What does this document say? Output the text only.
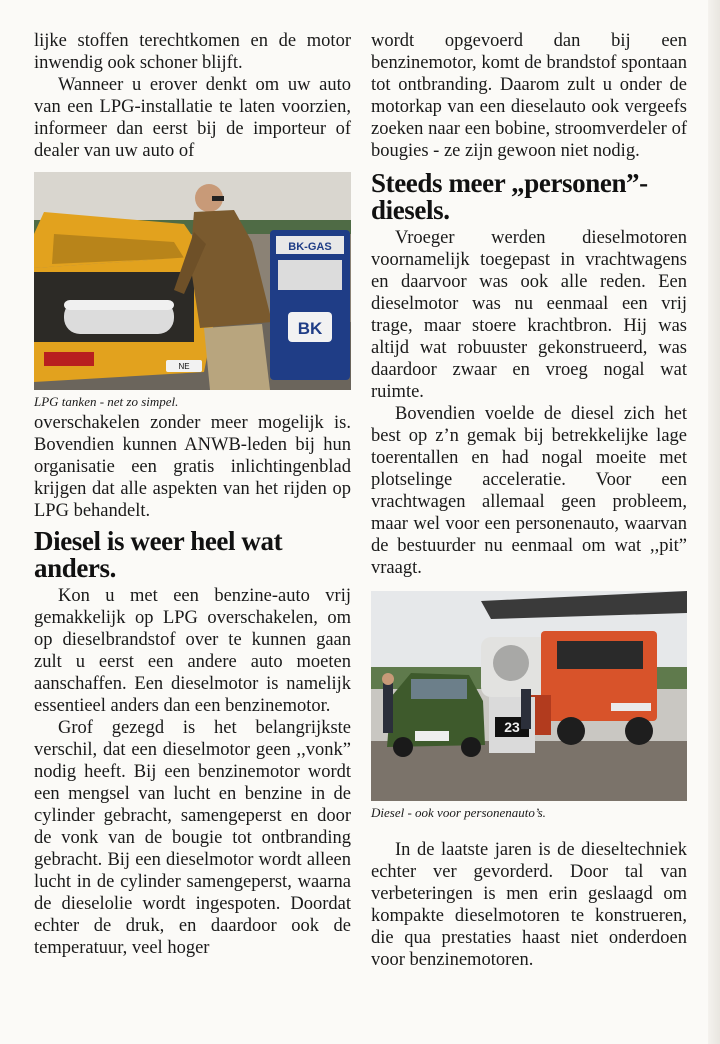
lijke stoffen terechtkomen en de motor inwendig ook schoner blijft.

Wanneer u erover denkt om uw auto van een LPG-installatie te laten voorzien, informeer dan eerst bij de importeur of dealer van uw auto of

NE
BK-GAS
BK
LPG tanken - net zo simpel.

overschakelen zonder meer mogelijk is. Bovendien kunnen ANWB-leden bij hun organisatie een gratis inlichtingenblad krijgen dat alle aspekten van het rijden op LPG behandelt.

Diesel is weer heel wat anders.

Kon u met een benzine-auto vrij gemakkelijk op LPG overschakelen, om op dieselbrandstof over te kunnen gaan zult u eerst een andere auto moeten aanschaffen. Een dieselmotor is namelijk essentieel anders dan een benzinemotor.

Grof gezegd is het belangrijkste verschil, dat een dieselmotor geen ,,vonk” nodig heeft. Bij een benzinemotor wordt een mengsel van lucht en benzine in de cylinder gebracht, samengeperst en door de vonk van de bougie tot ontbranding gebracht. Bij een dieselmotor wordt alleen lucht in de cylinder samengeperst, waarna de dieselolie wordt ingespoten. Doordat echter de druk, en daardoor ook de temperatuur, veel hoger

wordt opgevoerd dan bij een benzinemotor, komt de brandstof spontaan tot ontbranding. Daarom zult u onder de motorkap van een dieselauto ook vergeefs zoeken naar een bobine, stroomverdeler of bougies - ze zijn gewoon niet nodig.

Steeds meer „personen”-diesels.

Vroeger werden dieselmotoren voornamelijk toegepast in vrachtwagens en daarvoor was ook alle reden. Een dieselmotor was nu eenmaal een vrij trage, maar stoere krachtbron. Hij was altijd wat robuuster gekonstrueerd, was daardoor zwaar en vroeg nogal wat ruimte.

Bovendien voelde de diesel zich het best op z’n gemak bij betrekkelijke lage toerentallen en had nogal moeite met plotselinge acceleratie. Voor een vrachtwagen allemaal geen probleem, maar wel voor een personenauto, waarvan de bestuurder nu eenmaal om wat ,,pit” vraagt.

23
Diesel - ook voor personenauto’s.

In de laatste jaren is de dieseltechniek echter ver gevorderd. Door tal van verbeteringen is men erin geslaagd om kompakte dieselmotoren te konstrueren, die qua prestaties haast niet onderdoen voor benzinemotoren.
